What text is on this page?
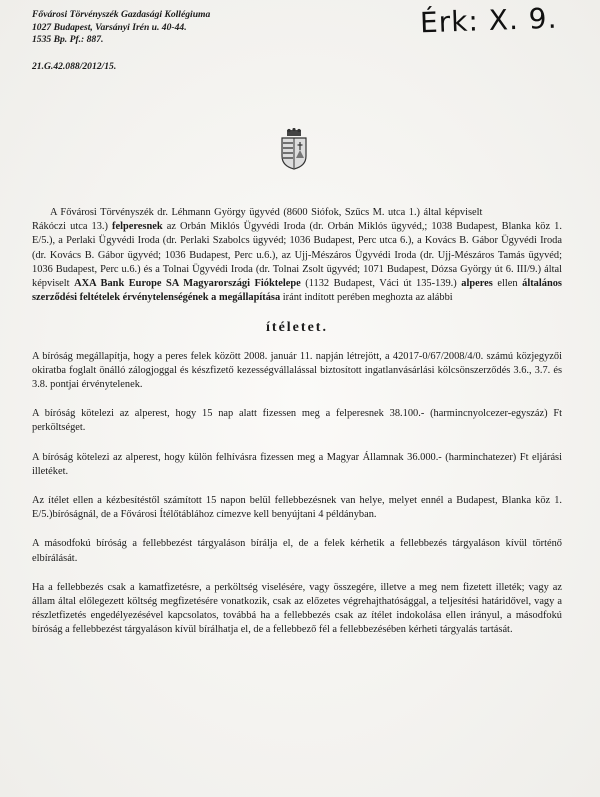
Fővárosi Törvényszék Gazdasági Kollégiuma
1027 Budapest, Varsányi Irén u. 40-44.
1535 Bp. Pf.: 887.
21.G.42.088/2012/15.
Érk: X. 9.

A Fővárosi Törvényszék dr. Léhmann György ügyvéd (8600 Siófok, Szűcs M. utca 1.) által képviselt                        Rákóczi utca 13.) felperesnek az Orbán Miklós Ügyvédi Iroda (dr. Orbán Miklós ügyvéd,; 1038 Budapest, Blanka köz 1. E/5.), a Perlaki Ügyvédi Iroda (dr. Perlaki Szabolcs ügyvéd; 1036 Budapest, Perc utca 6.), a Kovács B. Gábor Ügyvédi Iroda (dr. Kovács B. Gábor ügyvéd; 1036 Budapest, Perc u.6.), az Ujj-Mészáros Ügyvédi Iroda (dr. Ujj-Mészáros Tamás ügyvéd; 1036 Budapest, Perc u.6.) és a Tolnai Ügyvédi Iroda (dr. Tolnai Zsolt ügyvéd; 1071 Budapest, Dózsa György út 6. III/9.) által képviselt AXA Bank Europe SA Magyarországi Fióktelepe (1132 Budapest, Váci út 135-139.) alperes ellen általános szerződési feltételek érvénytelenségének a megállapítása iránt indított perében meghozta az alábbi

ítéletet.

A bíróság megállapítja, hogy a peres felek között 2008. január 11. napján létrejött, a 42017-0/67/2008/4/0. számú közjegyzői okiratba foglalt önálló zálogjoggal és készfizető kezességvállalással biztosított ingatlanvásárlási kölcsönszerződés 3.6., 3.7. és 3.8. pontjai érvénytelenek.

A bíróság kötelezi az alperest, hogy 15 nap alatt fizessen meg a felperesnek 38.100.- (harmincnyolcezer-egyszáz) Ft perköltséget.

A bíróság kötelezi az alperest, hogy külön felhívásra fizessen meg a Magyar Államnak 36.000.- (harminchatezer) Ft eljárási illetéket.

Az ítélet ellen a kézbesítéstől számított 15 napon belül fellebbezésnek van helye, melyet ennél a Budapest, Blanka köz 1. E/5.)bíróságnál, de a Fővárosi Ítélőtáblához címezve kell benyújtani 4 példányban.

A másodfokú bíróság a fellebbezést tárgyaláson bírálja el, de a felek kérhetik a fellebbezés tárgyaláson kívül történő elbírálását.

Ha a fellebbezés csak a kamatfizetésre, a perköltség viselésére, vagy összegére, illetve a meg nem fizetett illeték; vagy az állam által előlegezett költség megfizetésére vonatkozik, csak az előzetes végrehajthatósággal, a teljesítési határidővel, vagy a részletfizetés engedélyezésével kapcsolatos, továbbá ha a fellebbezés csak az ítélet indokolása ellen irányul, a másodfokú bíróság a fellebbezést tárgyaláson kívül bírálhatja el, de a fellebbező fél a fellebbezésében kérheti tárgyalás tartását.
